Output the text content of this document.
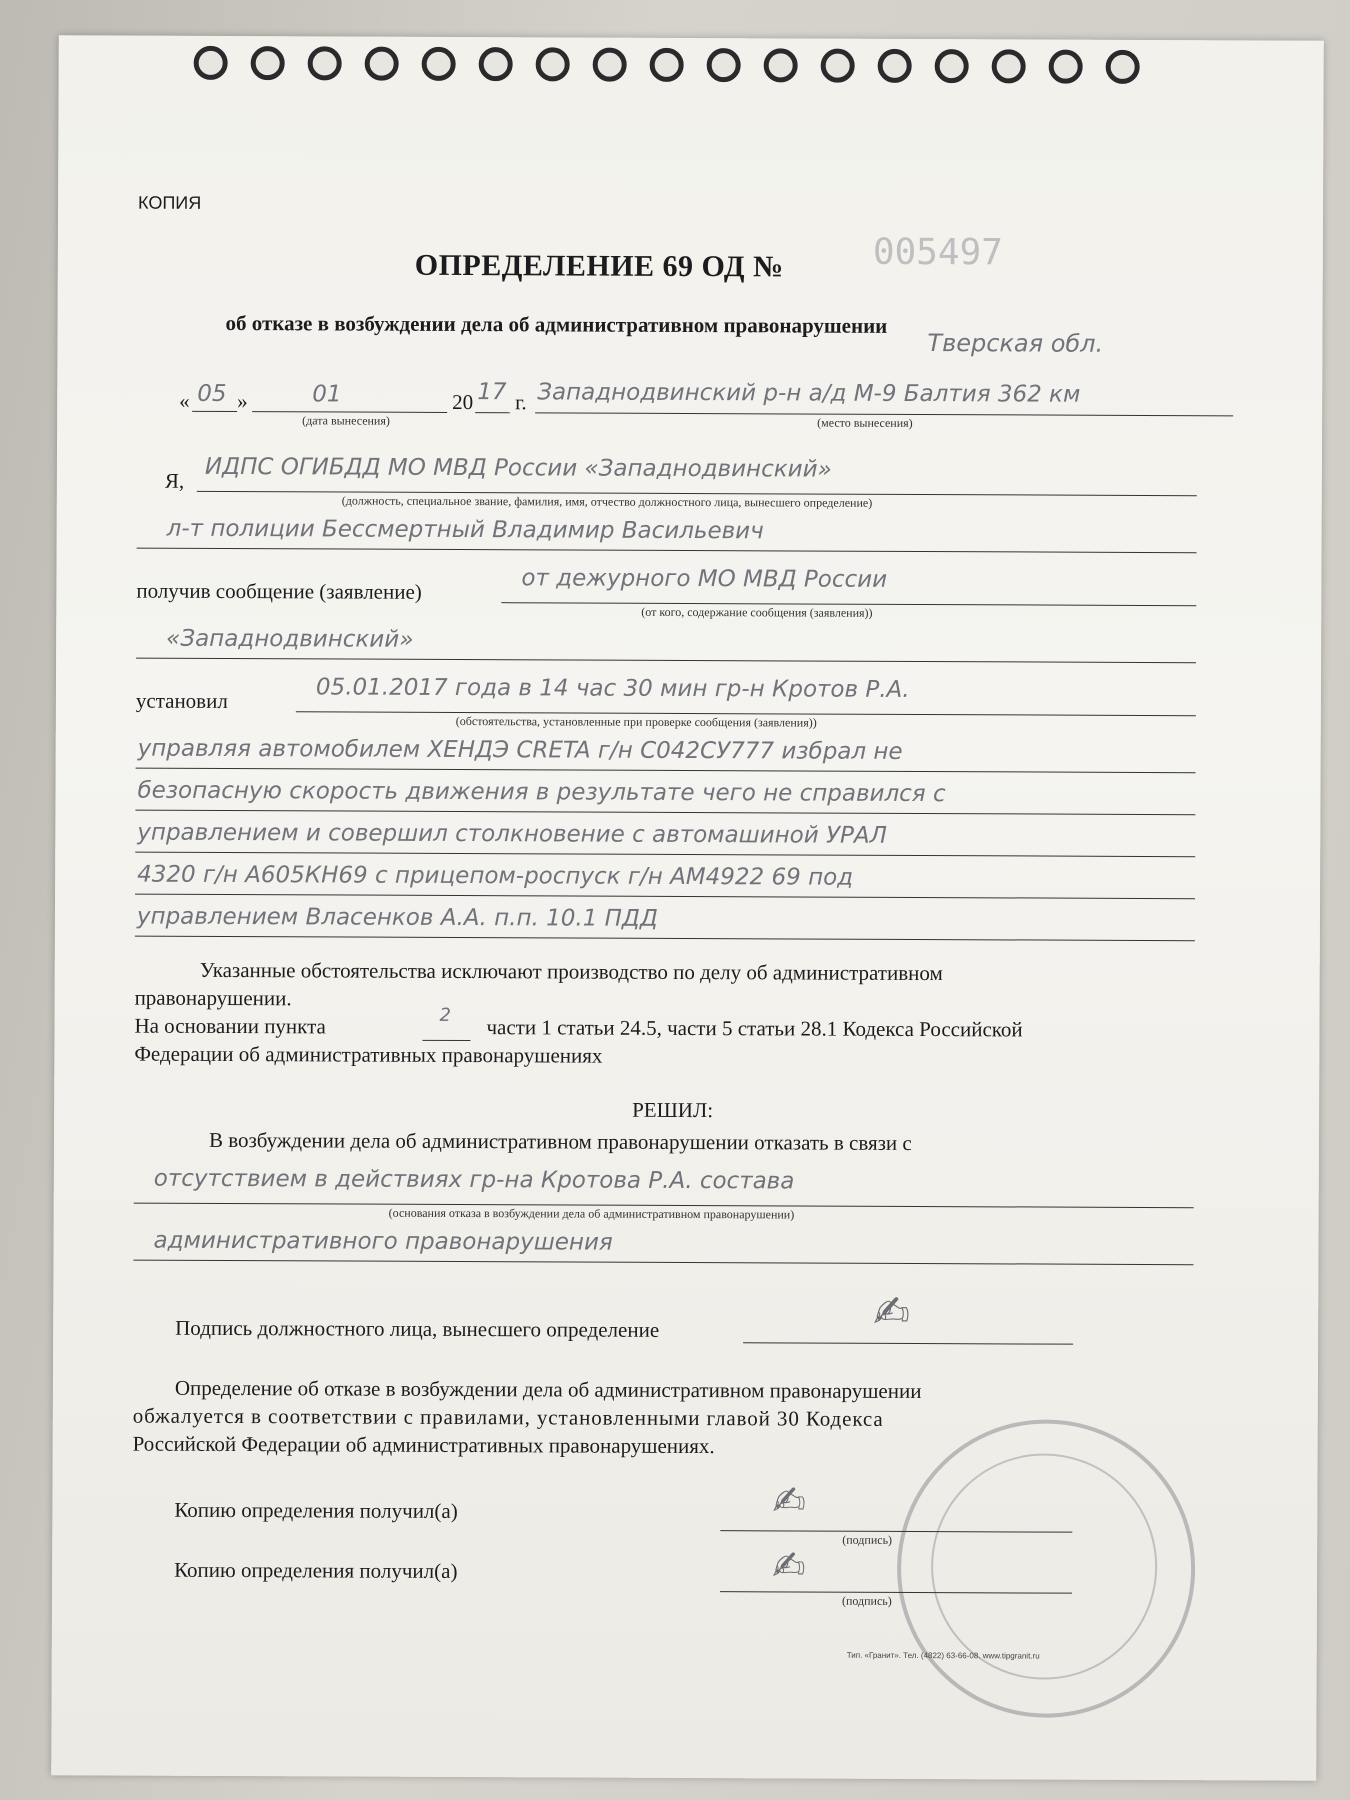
КОПИЯ
ОПРЕДЕЛЕНИЕ 69 ОД № 005497
об отказе в возбуждении дела об административном правонарушении
Тверская обл.
« 05 »	01	20 17 г.
(дата вынесения)
Западнодвинский р-н а/д М-9 Балтия 362 км
(место вынесения)
Я, ИДПС ОГИБДД МО МВД России «Западнодвинский»
(должность, специальное звание, фамилия, имя, отчество должностного лица, вынесшего определение)
л-т полиции Бессмертный Владимир Васильевич
получив сообщение (заявление)	от дежурного МО МВД России
(от кого, содержание сообщения (заявления))
«Западнодвинский»
установил	05.01.2017 года в 14 час 30 мин гр-н Кротов Р.А.
(обстоятельства, установленные при проверке сообщения (заявления))
управляя автомобилем ХЕНДЭ CRETA г/н С042СУ777 избрал не
безопасную скорость движения в результате чего не справился с
управлением и совершил столкновение с автомашиной УРАЛ
4320 г/н А605КН69 с прицепом-роспуск г/н АМ4922 69 под
управлением Власенков А.А. п.п. 10.1 ПДД
Указанные обстоятельства исключают производство по делу об административном
правонарушении.
На основании пункта	2 части 1 статьи 24.5, части 5 статьи 28.1 Кодекса Российской
Федерации об административных правонарушениях
РЕШИЛ:
В возбуждении дела об административном правонарушении отказать в связи с
отсутствием в действиях гр-на Кротова Р.А. состава
(основания отказа в возбуждении дела об административном правонарушении)
административного правонарушения
Подпись должностного лица, вынесшего определение	✍
Определение об отказе в возбуждении дела об административном правонарушении
обжалуется в соответствии с правилами, установленными главой 30 Кодекса
Российской Федерации об административных правонарушениях.
Копию определения получил(а)
(подпись)
✍
Копию определения получил(а)
(подпись)
✍
Тип. «Гранит». Тел. (4822) 63-66-08. www.tipgranit.ru
